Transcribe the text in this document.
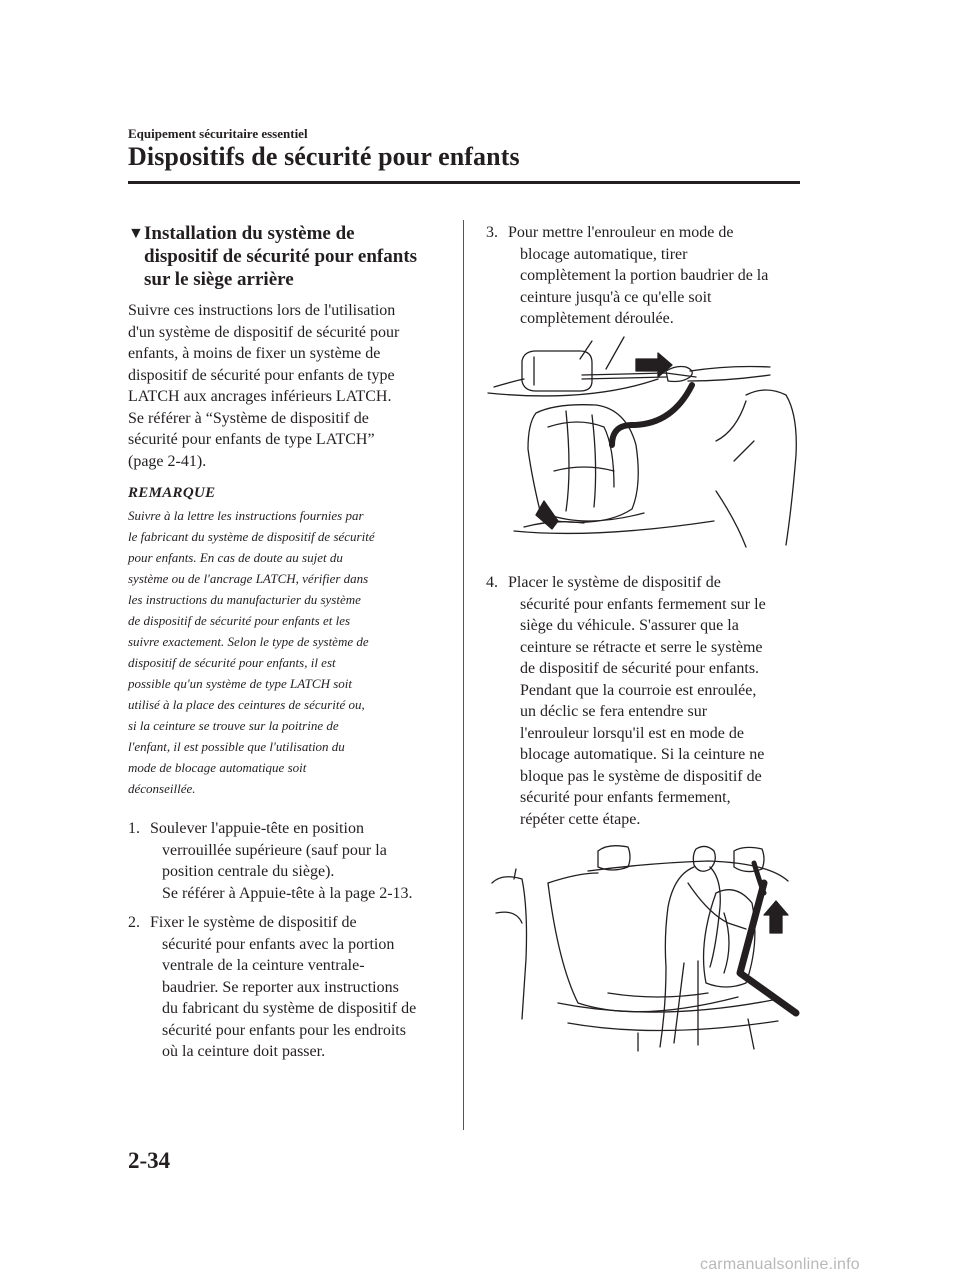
Equipement sécuritaire essentiel
Dispositifs de sécurité pour enfants
▼ Installation du système de
dispositif de sécurité pour enfants
sur le siège arrière
Suivre ces instructions lors de l'utilisation
d'un système de dispositif de sécurité pour
enfants, à moins de fixer un système de
dispositif de sécurité pour enfants de type
LATCH aux ancrages inférieurs LATCH.
Se référer à “Système de dispositif de
sécurité pour enfants de type LATCH”
(page 2-41).
REMARQUE
Suivre à la lettre les instructions fournies par
le fabricant du système de dispositif de sécurité
pour enfants. En cas de doute au sujet du
système ou de l'ancrage LATCH, vérifier dans
les instructions du manufacturier du système
de dispositif de sécurité pour enfants et les
suivre exactement. Selon le type de système de
dispositif de sécurité pour enfants, il est
possible qu'un système de type LATCH soit
utilisé à la place des ceintures de sécurité ou,
si la ceinture se trouve sur la poitrine de
l'enfant, il est possible que l'utilisation du
mode de blocage automatique soit
déconseillée.
1. Soulever l'appuie-tête en position
verrouillée supérieure (sauf pour la
position centrale du siège).
Se référer à Appuie-tête à la page 2-13.
2. Fixer le système de dispositif de
sécurité pour enfants avec la portion
ventrale de la ceinture ventrale-
baudrier. Se reporter aux instructions
du fabricant du système de dispositif de
sécurité pour enfants pour les endroits
où la ceinture doit passer.
3. Pour mettre l'enrouleur en mode de
blocage automatique, tirer
complètement la portion baudrier de la
ceinture jusqu'à ce qu'elle soit
complètement déroulée.
4. Placer le système de dispositif de
sécurité pour enfants fermement sur le
siège du véhicule. S'assurer que la
ceinture se rétracte et serre le système
de dispositif de sécurité pour enfants.
Pendant que la courroie est enroulée,
un déclic se fera entendre sur
l'enrouleur lorsqu'il est en mode de
blocage automatique. Si la ceinture ne
bloque pas le système de dispositif de
sécurité pour enfants fermement,
répéter cette étape.
2-34
carmanualsonline.info
